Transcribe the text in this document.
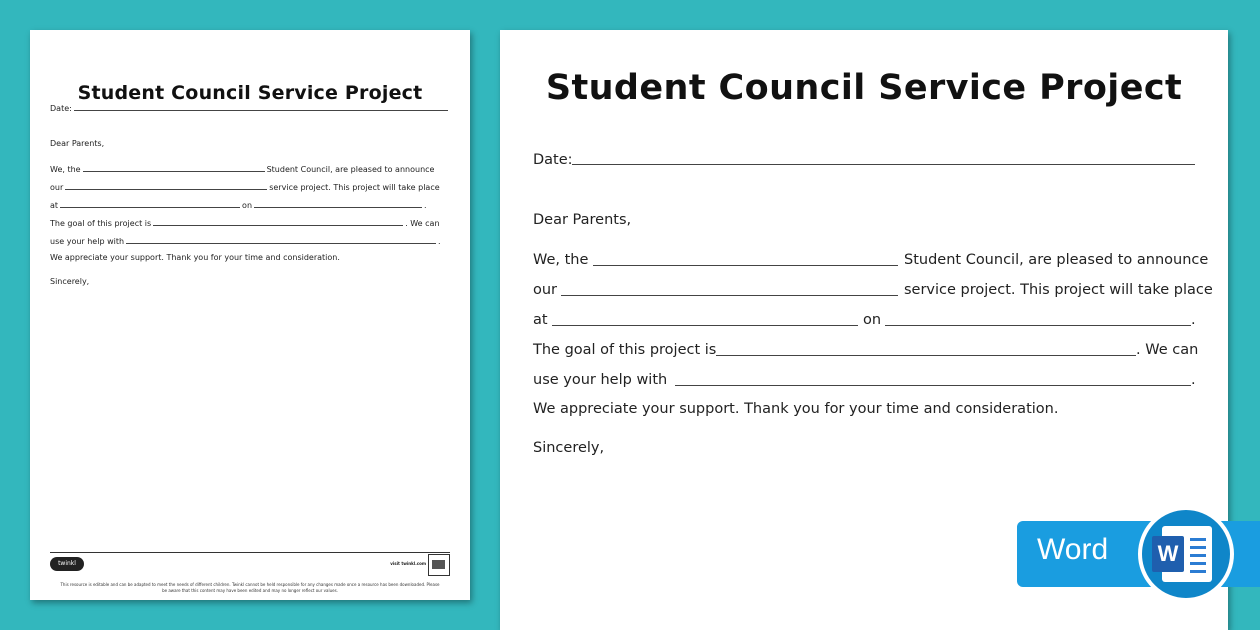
Student Council Service Project
Date:
Dear Parents,
We, the	Student Council, are pleased to announce
our	service project. This project will take place
at	on	.
The goal of this project is	. We can
use your help with	.
We appreciate your support. Thank you for your time and consideration.
Sincerely,
twinkl	visit twinkl.com
This resource is editable and can be adapted to meet the needs of different children. Twinkl cannot be held responsible for any changes made once a resource has been downloaded. Please be aware that this content may have been edited and may no longer reflect our values.
Student Council Service Project
Date:
Dear Parents,
We, the	Student Council, are pleased to announce
our	service project. This project will take place
at	on	.
The goal of this project is	. We can
use your help with	.
We appreciate your support. Thank you for your time and consideration.
Sincerely,
Word W
